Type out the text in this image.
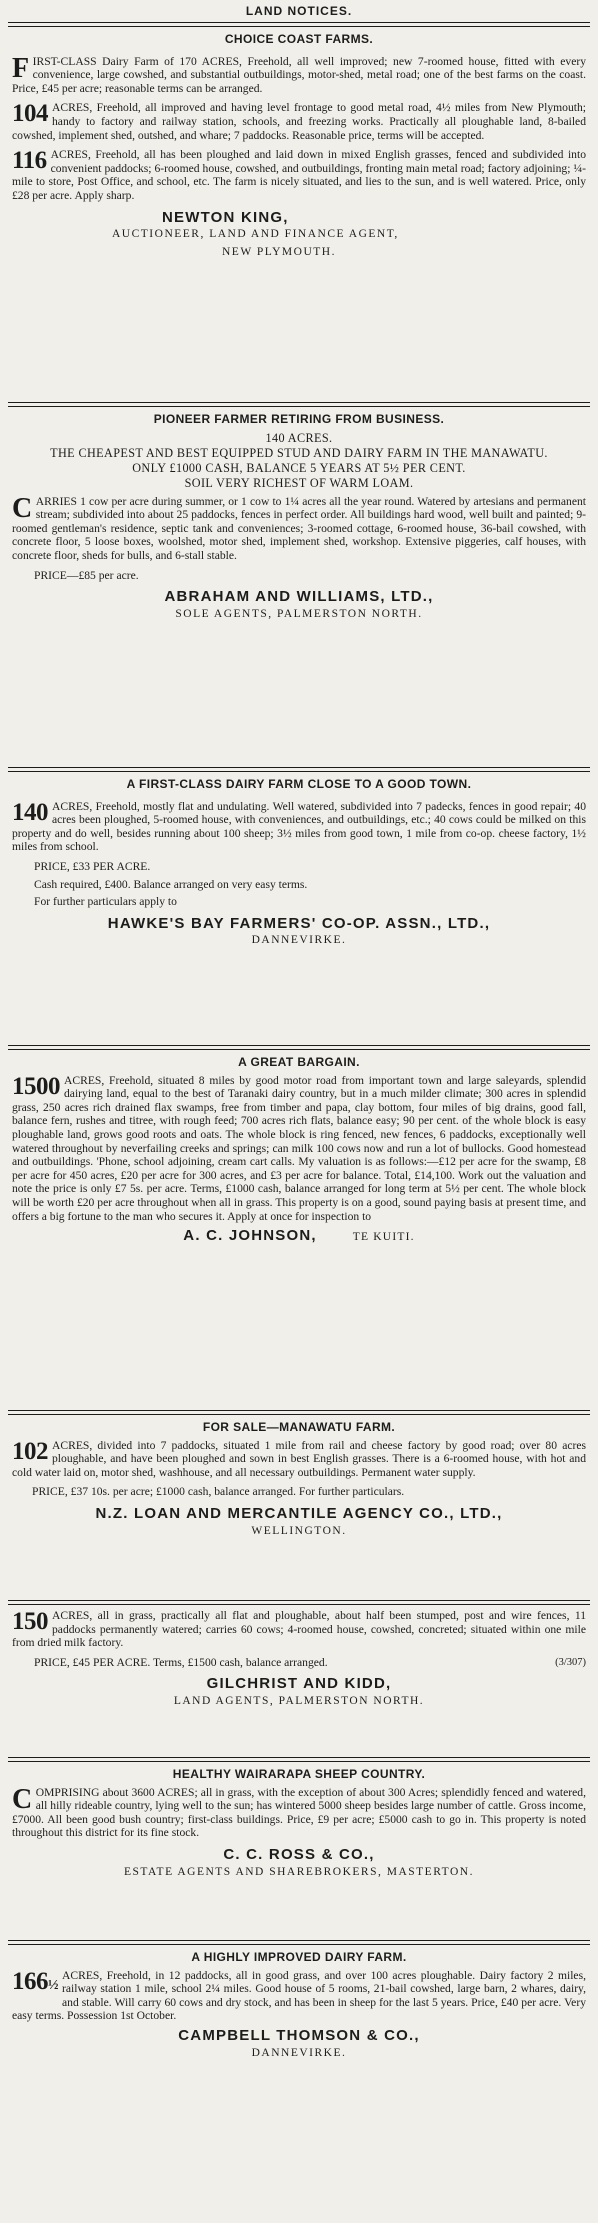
LAND NOTICES.
CHOICE COAST FARMS.

FIRST-CLASS Dairy Farm of 170 ACRES, Freehold, all well improved; new 7-roomed house, fitted with every convenience, large cowshed, and substantial outbuildings, motor-shed, metal road; one of the best farms on the coast. Price, £45 per acre; reasonable terms can be arranged.

104 ACRES, Freehold, all improved and having level frontage to good metal road, 4½ miles from New Plymouth; handy to factory and railway station, schools, and freezing works. Practically all ploughable land, 8-bailed cowshed, implement shed, outshed, and whare; 7 paddocks. Reasonable price, terms will be accepted.

116 ACRES, Freehold, all has been ploughed and laid down in mixed English grasses, fenced and subdivided into convenient paddocks; 6-roomed house, cowshed, and outbuildings, fronting main metal road; factory adjoining; ¼-mile to store, Post Office, and school, etc. The farm is nicely situated, and lies to the sun, and is well watered. Price, only £28 per acre. Apply sharp.

NEWTON KING,
AUCTIONEER, LAND AND FINANCE AGENT,
NEW PLYMOUTH.
PIONEER FARMER RETIRING FROM BUSINESS.
140 ACRES.
THE CHEAPEST AND BEST EQUIPPED STUD AND DAIRY FARM IN THE MANAWATU.
ONLY £1000 CASH, BALANCE 5 YEARS AT 5½ PER CENT.
SOIL VERY RICHEST OF WARM LOAM.

CARRIES 1 cow per acre during summer, or 1 cow to 1¼ acres all the year round. Watered by artesians and permanent stream; subdivided into about 25 paddocks, fences in perfect order. All buildings hard wood, well built and painted; 9-roomed gentleman's residence, septic tank and conveniences; 3-roomed cottage, 6-roomed house, 36-bail cowshed, with concrete floor, 5 loose boxes, woolshed, motor shed, implement shed, workshop. Extensive piggeries, calf houses, with concrete floor, sheds for bulls, and 6-stall stable.

PRICE—£85 per acre.
ABRAHAM AND WILLIAMS, LTD.,
SOLE AGENTS, PALMERSTON NORTH.
A FIRST-CLASS DAIRY FARM CLOSE TO A GOOD TOWN.

140 ACRES, Freehold, mostly flat and undulating. Well watered, subdivided into 7 padecks, fences in good repair; 40 acres been ploughed, 5-roomed house, with conveniences, and outbuildings, etc.; 40 cows could be milked on this property and do well, besides running about 100 sheep; 3½ miles from good town, 1 mile from co-op. cheese factory, 1½ miles from school.

PRICE, £33 PER ACRE.
Cash required, £400. Balance arranged on very easy terms.
For further particulars apply to
HAWKE'S BAY FARMERS' CO-OP. ASSN., LTD.,
DANNEVIRKE.
A GREAT BARGAIN.

1500 ACRES, Freehold, situated 8 miles by good motor road from important town and large saleyards, splendid dairying land, equal to the best of Taranaki dairy country, but in a much milder climate; 300 acres in splendid grass, 250 acres rich drained flax swamps, free from timber and papa, clay bottom, four miles of big drains, good fall, balance fern, rushes and titree, with rough feed; 700 acres rich flats, balance easy; 90 per cent. of the whole block is easy ploughable land, grows good roots and oats. The whole block is ring fenced, new fences, 6 paddocks, exceptionally well watered throughout by neverfailing creeks and springs; can milk 100 cows now and run a lot of bullocks. Good homestead and outbuildings. 'Phone, school adjoining, cream cart calls. My valuation is as follows:—£12 per acre for the swamp, £8 per acre for 450 acres, £20 per acre for 300 acres, and £3 per acre for balance. Total, £14,100. Work out the valuation and note the price is only £7 5s. per acre. Terms, £1000 cash, balance arranged for long term at 5½ per cent. The whole block will be worth £20 per acre throughout when all in grass. This property is on a good, sound paying basis at present time, and offers a big fortune to the man who secures it. Apply at once for inspection to

A. C. JOHNSON,	TE KUITI.
FOR SALE—MANAWATU FARM.

102 ACRES, divided into 7 paddocks, situated 1 mile from rail and cheese factory by good road; over 80 acres ploughable, and have been ploughed and sown in best English grasses. There is a 6-roomed house, with hot and cold water laid on, motor shed, washhouse, and all necessary outbuildings. Permanent water supply.

PRICE, £37 10s. per acre; £1000 cash, balance arranged. For further particulars.

N.Z. LOAN AND MERCANTILE AGENCY CO., LTD.,
WELLINGTON.

150 ACRES, all in grass, practically all flat and ploughable, about half been stumped, post and wire fences, 11 paddocks permanently watered; carries 60 cows; 4-roomed house, cowshed, concreted; situated within one mile from dried milk factory.

PRICE, £45 PER ACRE. Terms, £1500 cash, balance arranged.	(3/307)
GILCHRIST AND KIDD,
LAND AGENTS, PALMERSTON NORTH.
HEALTHY WAIRARAPA SHEEP COUNTRY.

COMPRISING about 3600 ACRES; all in grass, with the exception of about 300 Acres; splendidly fenced and watered, all hilly rideable country, lying well to the sun; has wintered 5000 sheep besides large number of cattle. Gross income, £7000. All been good bush country; first-class buildings. Price, £9 per acre; £5000 cash to go in. This property is noted throughout this district for its fine stock.

C. C. ROSS & CO.,
ESTATE AGENTS AND SHAREBROKERS, MASTERTON.
A HIGHLY IMPROVED DAIRY FARM.

166½
ACRES, Freehold, in 12 paddocks, all in good grass, and over 100 acres ploughable. Dairy factory 2 miles, railway station 1 mile, school 2¼ miles. Good house of 5 rooms, 21-bail cowshed, large barn, 2 whares, dairy, and stable. Will carry 60 cows and dry stock, and has been in sheep for the last 5 years. Price, £40 per acre. Very easy terms. Possession 1st October.

CAMPBELL THOMSON & CO.,
DANNEVIRKE.
